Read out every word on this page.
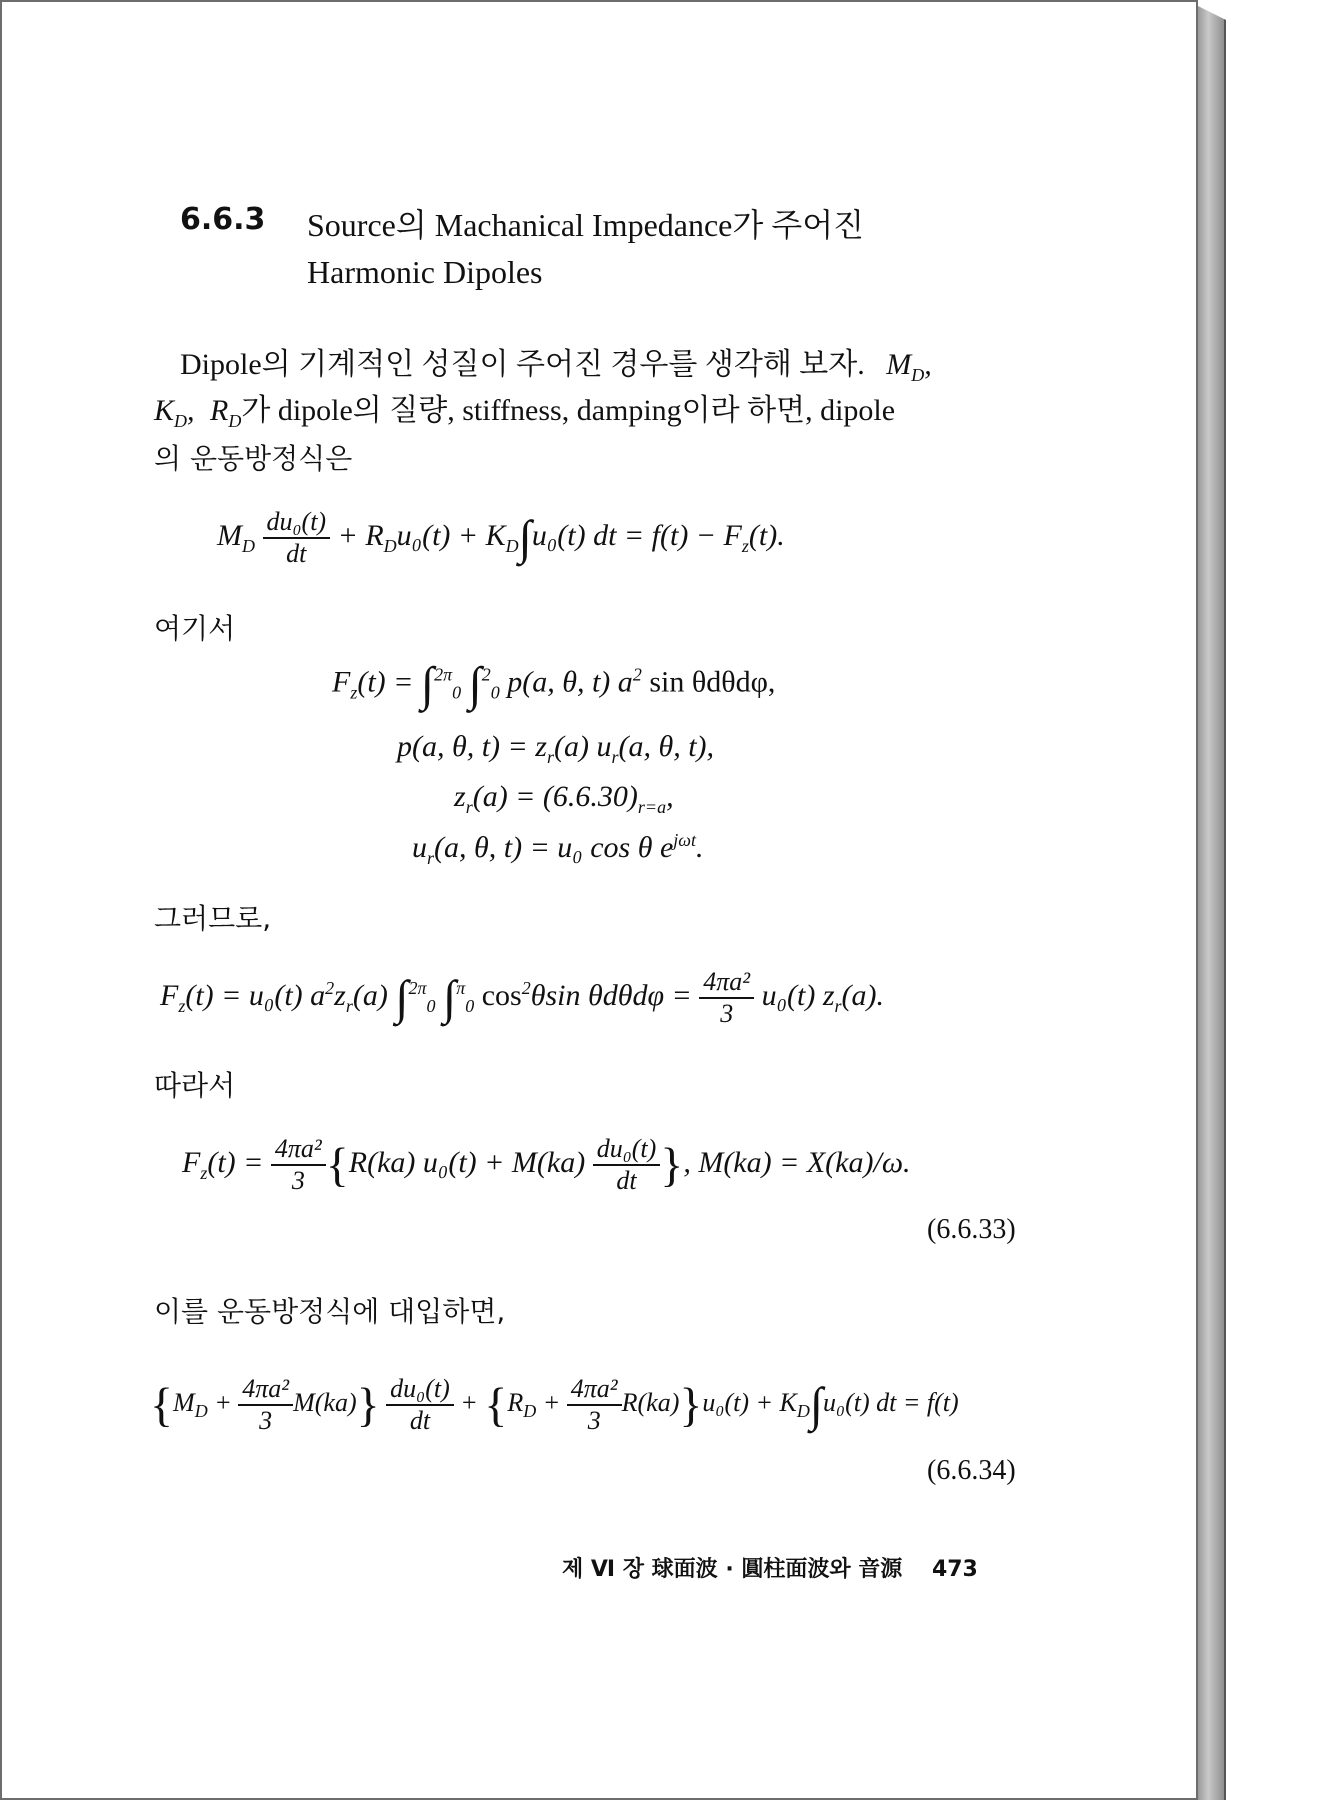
6.6.3 Source의 Machanical Impedance가 주어진
Harmonic Dipoles
Dipole의 기계적인 성질이 주어진 경우를 생각해 보자. $M_D$,
$K_D$, $R_D$가 dipole의 질량, stiffness, damping이라 하면, dipole
의 운동방정식은
$M_D \frac{\text{du₀(t)}}{dt} + R_Du_0(t) + K_D\int u_0(t)$ dt = $f(t) - F_z(t)$.
여기서
$F_z(t) = \int^{2\pi}_0$ ∫$^2_0$ p(a, θ, t) $a^2$ sin θdθdφ,
p(a, θ, $t) = z_r(a)$ $u_r(a$, θ, t),
$z_r(a) = (6.6.30)_{r=a}$,
$u_r(a$, θ, t) = u₀ cos θ $e^{j\omega t}$.
그러므로,
$F_z(t) = u_0(t)$ $a^2z_r(a)$ ∫$^{2\pi}_0$ ∫$^\pi_0$ $\cos^2\theta\sin$ $\theta d\theta d\varphi = \frac{\text{4πa²}}{3} u_0(t)$ $z_r(a)$.
따라서
$F_z(t) = \frac{\text{4πa²}}{3} \{R(ka) u_0(t) + M(ka) \frac{\text{du₀(t)}}{dt}$ }, M(ka) = X(ka)/ω.
(6.6.33)
이를 운동방정식에 대입하면,
$\{M_D + \frac{\text{4πa²}}{3} M(ka)\} \frac{\text{du₀(t)}}{dt} + \{R_D + \frac{\text{4πa²}}{3} R(ka)\}u_0(t) + K_D\int u_0(t)$ dt = f(t)
(6.6.34)
제 Ⅵ 장 球面波 · 圓柱面波와 音源 473
